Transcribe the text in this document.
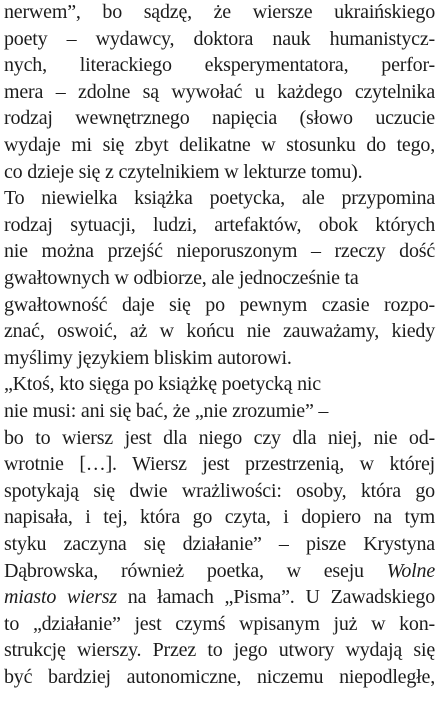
nerwem”, bo sądzę, że wiersze ukraińskiego
poety – wydawcy, doktora nauk humanistycz-
nych, literackiego eksperymentatora, perfor-
mera – zdolne są wywołać u każdego czytelnika
rodzaj wewnętrznego napięcia (słowo uczucie
wydaje mi się zbyt delikatne w stosunku do tego,
co dzieje się z czytelnikiem w lekturze tomu).
To niewielka książka poetycka, ale przypomina
rodzaj sytuacji, ludzi, artefaktów, obok których
nie można przejść nieporuszonym – rzeczy dość
gwałtownych w odbiorze, ale jednocześnie ta
gwałtowność daje się po pewnym czasie rozpo-
znać, oswoić, aż w końcu nie zauważamy, kiedy
myślimy językiem bliskim autorowi.
„Ktoś, kto sięga po książkę poetycką nic
nie musi: ani się bać, że „nie zrozumie” –
bo to wiersz jest dla niego czy dla niej, nie od-
wrotnie […]. Wiersz jest przestrzenią, w której
spotykają się dwie wrażliwości: osoby, która go
napisała, i tej, która go czyta, i dopiero na tym
styku zaczyna się działanie” – pisze Krystyna
Dąbrowska, również poetka, w eseju Wolne
miasto wiersz na łamach „Pisma”. U Zawadskiego
to „działanie” jest czymś wpisanym już w kon-
strukcję wierszy. Przez to jego utwory wydają się
być bardziej autonomiczne, niczemu niepodległe,
